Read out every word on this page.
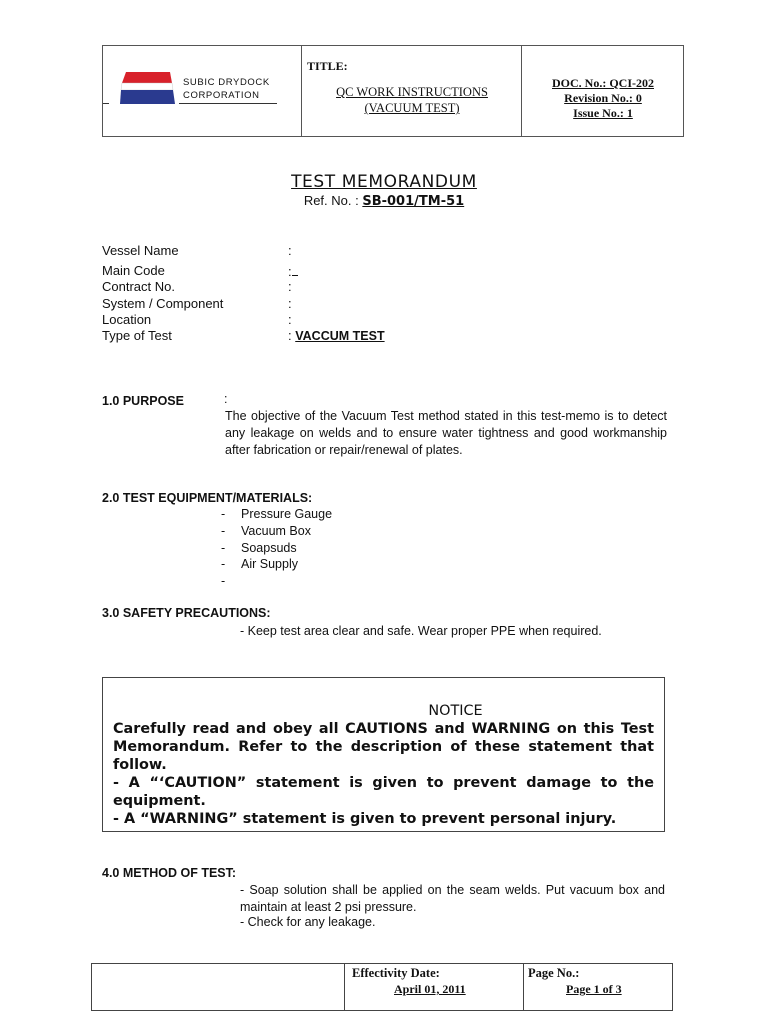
SUBIC DRYDOCK
CORPORATION
TITLE:
QC WORK INSTRUCTIONS
(VACUUM TEST)
DOC. No.: QCI-202
Revision No.: 0
Issue No.: 1
TEST MEMORANDUM
Ref. No. : SB-001/TM-51
Vessel Name	:
Main Code	:
Contract No.	:
System / Component	:
Location	:
Type of Test	: VACCUM TEST
1.0 PURPOSE	:
The objective of the Vacuum Test method stated in this test-memo is to detect any leakage on welds and to ensure water tightness and good workmanship after fabrication or repair/renewal of plates.
2.0 TEST EQUIPMENT/MATERIALS:
- Pressure Gauge
- Vacuum Box
- Soapsuds
- Air Supply
-
3.0 SAFETY PRECAUTIONS:
- Keep test area clear and safe. Wear proper PPE when required.
NOTICE
Carefully read and obey all CAUTIONS and WARNING on this Test Memorandum. Refer to the description of these statement that follow.
- A “‘CAUTION” statement is given to prevent damage to the equipment.
- A “WARNING” statement is given to prevent personal injury.
4.0 METHOD OF TEST:
- Soap solution shall be applied on the seam welds. Put vacuum box and maintain at least 2 psi pressure.
- Check for any leakage.
Effectivity Date:
April 01, 2011
Page No.:
Page 1 of 3
